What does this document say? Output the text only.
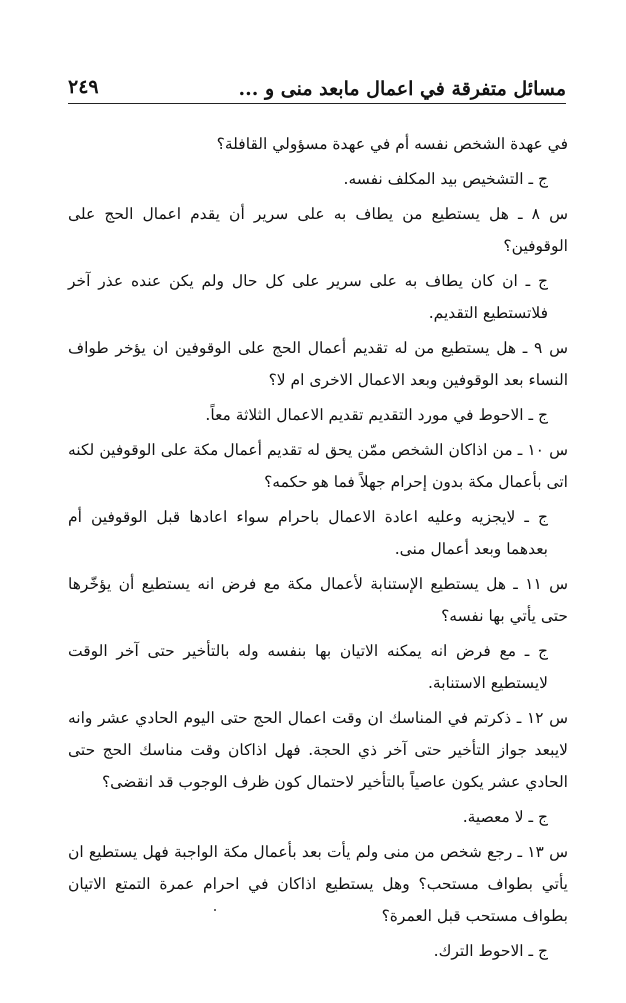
مسائل متفرقة في اعمال مابعد منى و ...
٢٤٩

في عهدة الشخص نفسه أم في عهدة مسؤولي القافلة؟

ج ـ التشخيص بيد المكلف نفسه.

س ٨ ـ هل يستطيع من يطاف به على سرير أن يقدم اعمال الحج على الوقوفين؟

ج ـ ان كان يطاف به على سرير على كل حال ولم يكن عنده عذر آخر فلاتستطيع التقديم.

س ٩ ـ هل يستطيع من له تقديم أعمال الحج على الوقوفين ان يؤخر طواف النساء بعد الوقوفين وبعد الاعمال الاخرى ام لا؟

ج ـ الاحوط في مورد التقديم تقديم الاعمال الثلاثة معاً.

س ١٠ ـ من اذاكان الشخص ممّن يحق له تقديم أعمال مكة على الوقوفين لكنه اتى بأعمال مكة بدون إحرام جهلاً فما هو حكمه؟

ج ـ لايجزيه وعليه اعادة الاعمال باحرام سواء اعادها قبل الوقوفين أم بعدهما وبعد أعمال منى.

س ١١ ـ هل يستطيع الإستنابة لأعمال مكة مع فرض انه يستطيع أن يؤخّرها حتى يأتي بها نفسه؟

ج ـ مع فرض انه يمكنه الاتيان بها بنفسه وله بالتأخير حتى آخر الوقت لايستطيع الاستنابة.

س ١٢ ـ ذكرتم في المناسك ان وقت اعمال الحج حتى اليوم الحادي عشر وانه لايبعد جواز التأخير حتى آخر ذي الحجة. فهل اذاكان وقت مناسك الحج حتى الحادي عشر يكون عاصياً بالتأخير لاحتمال كون ظرف الوجوب قد انقضى؟

ج ـ لا معصية.

س ١٣ ـ رجع شخص من منى ولم يأت بعد بأعمال مكة الواجبة فهل يستطيع ان يأتي بطواف مستحب؟ وهل يستطيع اذاكان في احرام عمرة التمتع الاتيان بطواف مستحب قبل العمرة؟

ج ـ الاحوط الترك.
